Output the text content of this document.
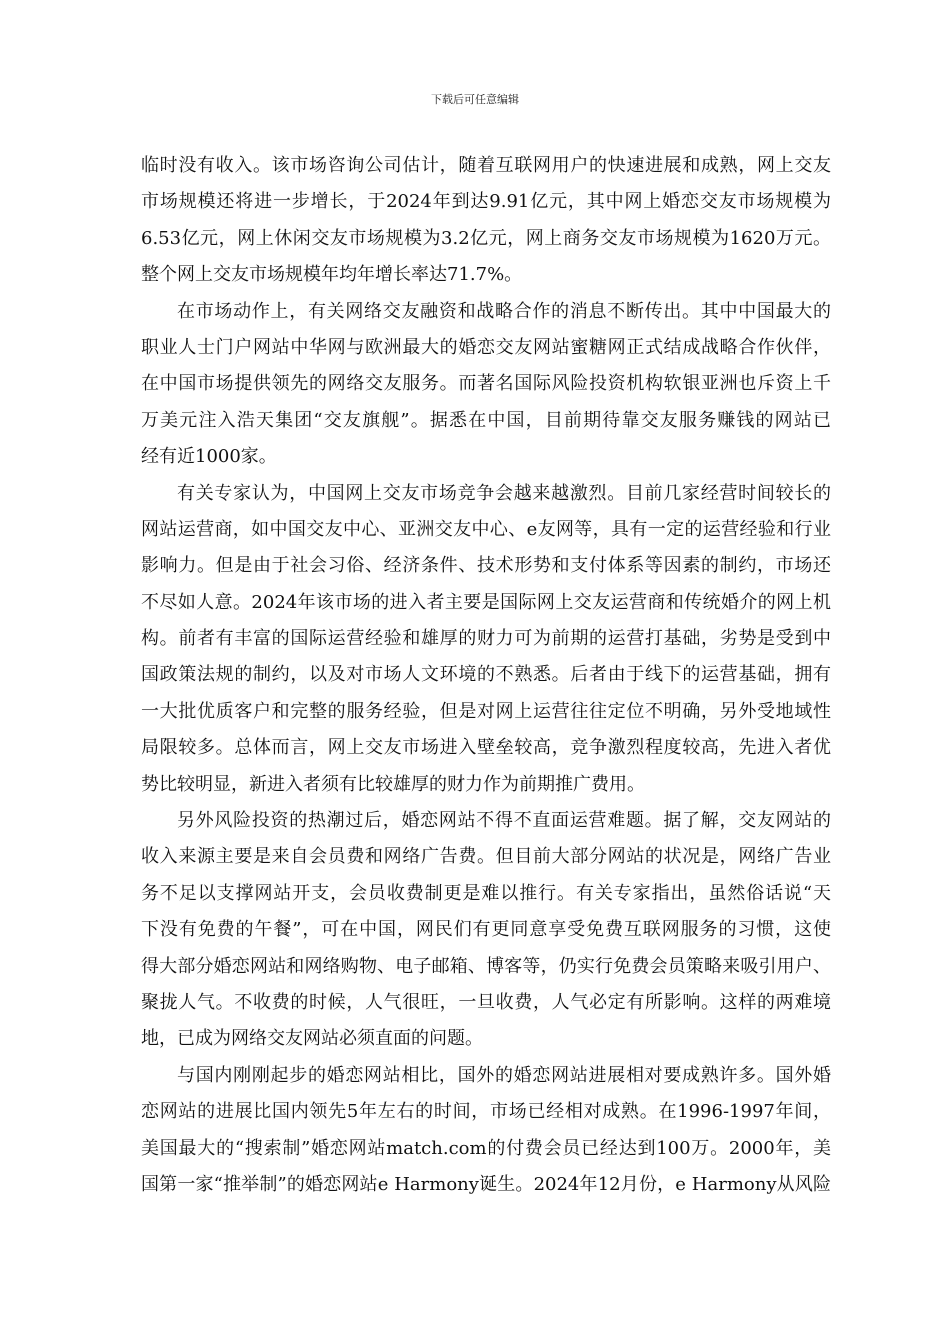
下载后可任意编辑
临时没有收入。该市场咨询公司估计，随着互联网用户的快速进展和成熟，网上交友
市场规模还将进一步增长，于2024年到达9.91亿元，其中网上婚恋交友市场规模为
6.53亿元，网上休闲交友市场规模为3.2亿元，网上商务交友市场规模为1620万元。
整个网上交友市场规模年均年增长率达71.7%。
在市场动作上，有关网络交友融资和战略合作的消息不断传出。其中中国最大的
职业人士门户网站中华网与欧洲最大的婚恋交友网站蜜糖网正式结成战略合作伙伴，
在中国市场提供领先的网络交友服务。而著名国际风险投资机构软银亚洲也斥资上千
万美元注入浩天集团“交友旗舰”。据悉在中国，目前期待靠交友服务赚钱的网站已
经有近1000家。
有关专家认为，中国网上交友市场竞争会越来越激烈。目前几家经营时间较长的
网站运营商，如中国交友中心、亚洲交友中心、e友网等，具有一定的运营经验和行业
影响力。但是由于社会习俗、经济条件、技术形势和支付体系等因素的制约，市场还
不尽如人意。2024年该市场的进入者主要是国际网上交友运营商和传统婚介的网上机
构。前者有丰富的国际运营经验和雄厚的财力可为前期的运营打基础，劣势是受到中
国政策法规的制约，以及对市场人文环境的不熟悉。后者由于线下的运营基础，拥有
一大批优质客户和完整的服务经验，但是对网上运营往往定位不明确，另外受地域性
局限较多。总体而言，网上交友市场进入壁垒较高，竞争激烈程度较高，先进入者优
势比较明显，新进入者须有比较雄厚的财力作为前期推广费用。
另外风险投资的热潮过后，婚恋网站不得不直面运营难题。据了解，交友网站的
收入来源主要是来自会员费和网络广告费。但目前大部分网站的状况是，网络广告业
务不足以支撑网站开支，会员收费制更是难以推行。有关专家指出，虽然俗话说“天
下没有免费的午餐”，可在中国，网民们有更同意享受免费互联网服务的习惯，这使
得大部分婚恋网站和网络购物、电子邮箱、博客等，仍实行免费会员策略来吸引用户、
聚拢人气。不收费的时候，人气很旺，一旦收费，人气必定有所影响。这样的两难境
地，已成为网络交友网站必须直面的问题。
与国内刚刚起步的婚恋网站相比，国外的婚恋网站进展相对要成熟许多。国外婚
恋网站的进展比国内领先5年左右的时间，市场已经相对成熟。在1996-1997年间，
美国最大的“搜索制”婚恋网站match.com的付费会员已经达到100万。2000年，美
国第一家“推举制”的婚恋网站e Harmony诞生。2024年12月份，e Harmony从风险
